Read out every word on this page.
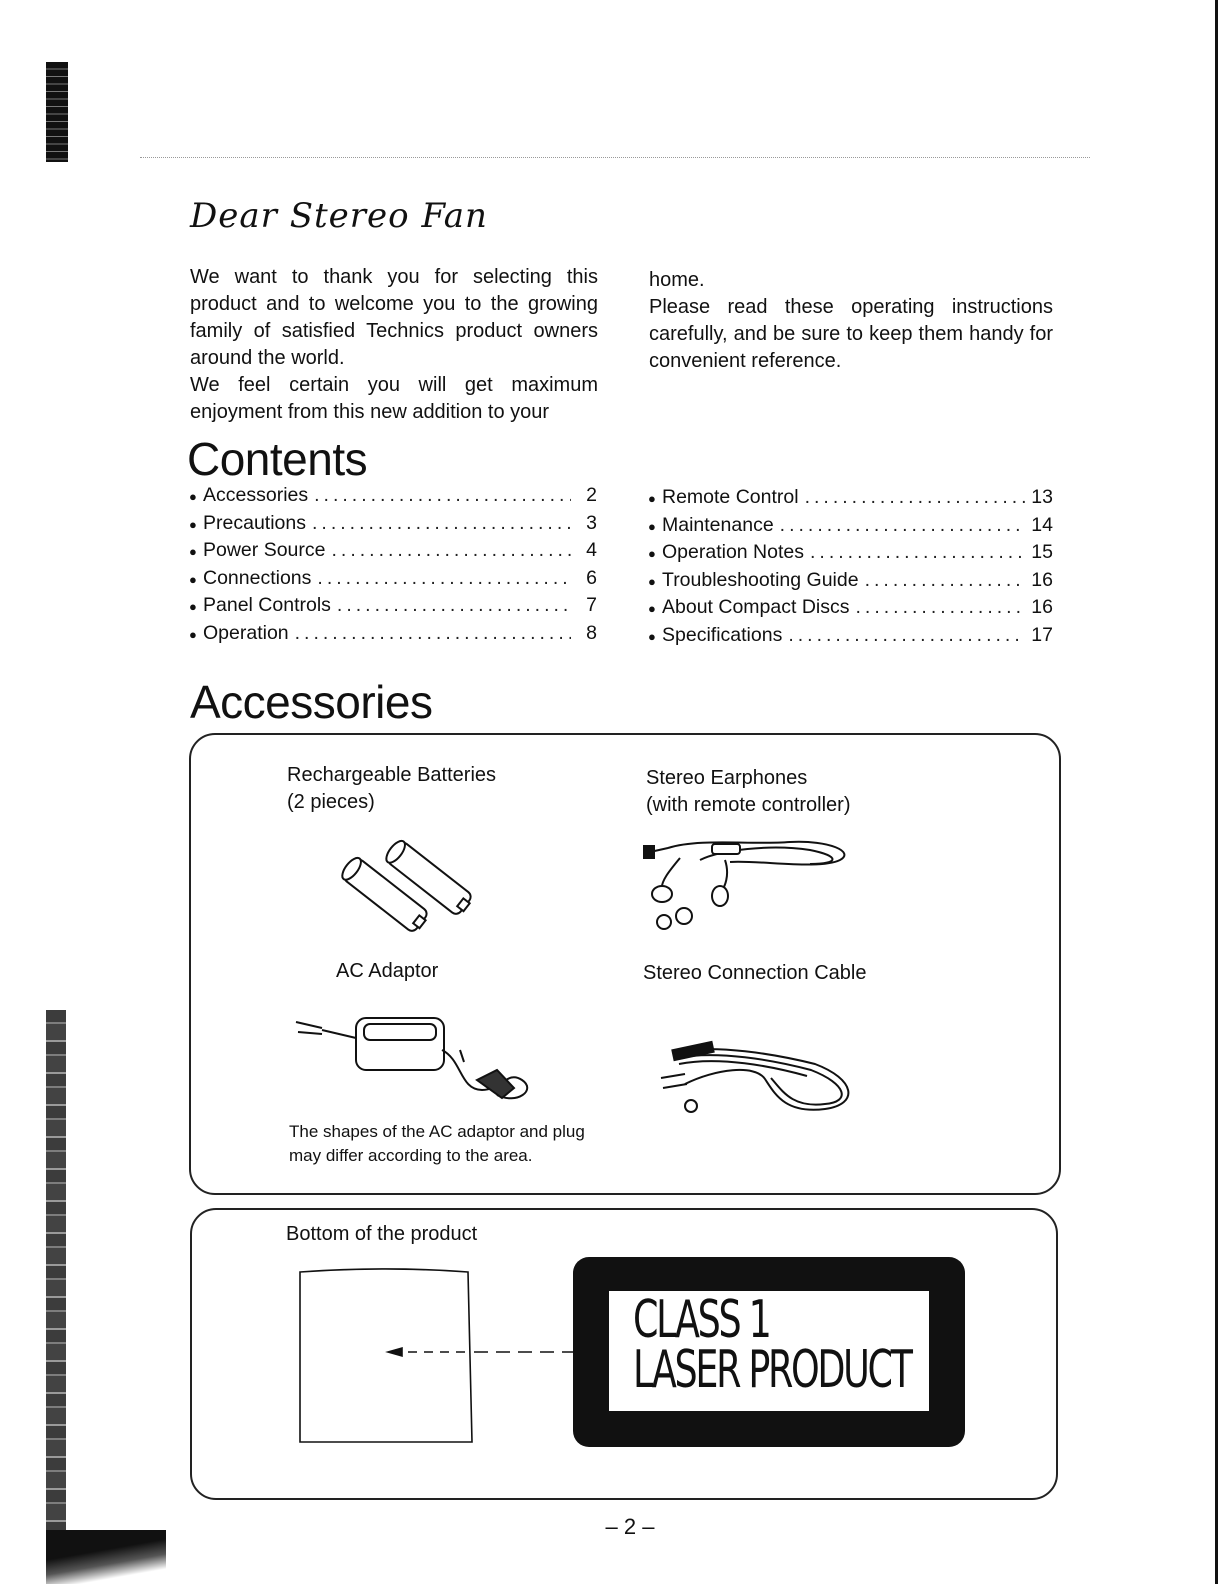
Dear Stereo Fan

We want to thank you for selecting this product and to welcome you to the growing family of satisfied Technics product owners around the world.

We feel certain you will get maximum enjoyment from this new addition to your

home.

Please read these operating instructions carefully, and be sure to keep them handy for convenient reference.

Contents
● Accessories .....	2
● Precautions .....	3
● Power Source .....	4
● Connections .....	6
● Panel Controls .....	7
● Operation .....	8
● Remote Control .....	13
● Maintenance .....	14
● Operation Notes .....	15
● Troubleshooting Guide .....	16
● About Compact Discs .....	16
● Specifications .....	17
Accessories
Rechargeable Batteries
(2 pieces)
Stereo Earphones
(with remote controller)
AC Adaptor	Stereo Connection Cable
The shapes of the AC adaptor and plug
may differ according to the area.
Bottom of the product
CLASS 1
LASER PRODUCT
– 2 –
